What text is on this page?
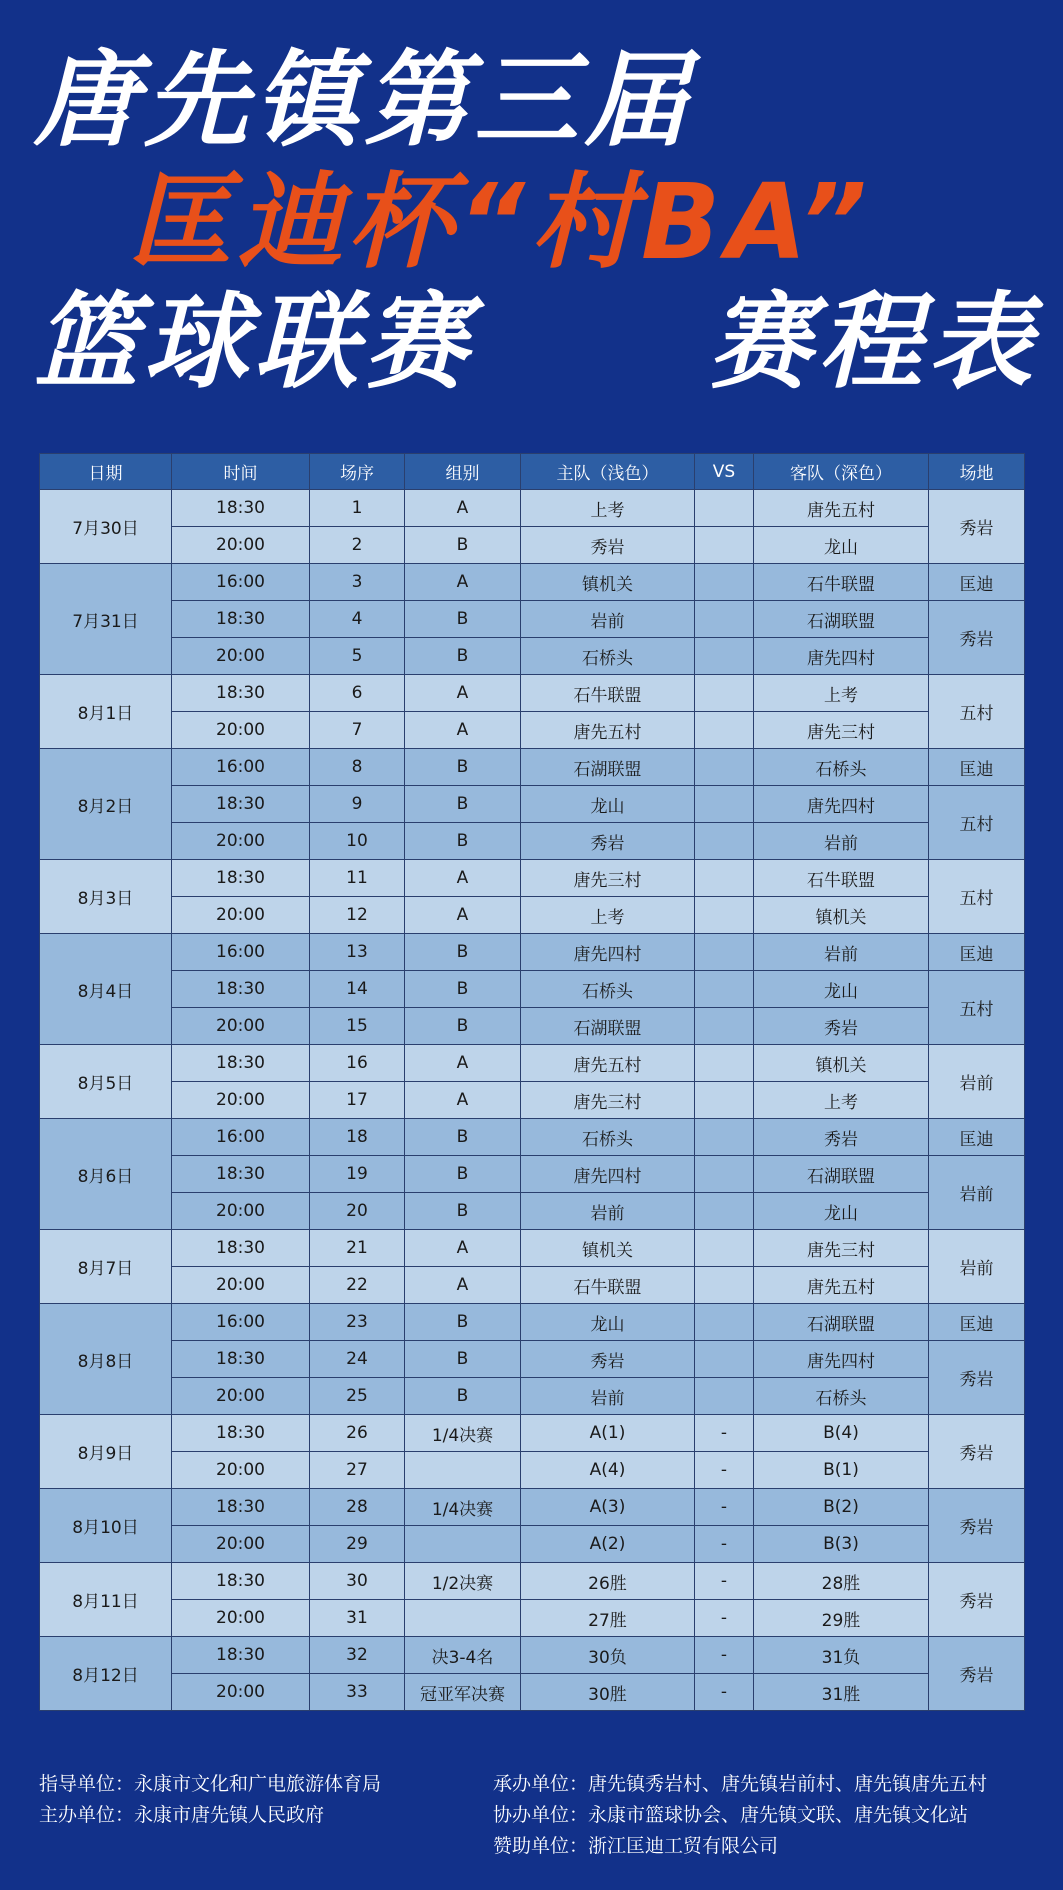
唐先镇第三届
匡迪杯“村BA”
篮球联赛 赛程表
日期	时间	场序	组别	主队（浅色）	VS	客队（深色）	场地
7月30日	18:30	1	A	上考		唐先五村	秀岩
	20:00	2	B	秀岩		龙山	
7月31日	16:00	3	A	镇机关		石牛联盟	匡迪
	18:30	4	B	岩前		石湖联盟	秀岩
	20:00	5	B	石桥头		唐先四村	
8月1日	18:30	6	A	石牛联盟		上考	五村
	20:00	7	A	唐先五村		唐先三村	
8月2日	16:00	8	B	石湖联盟		石桥头	匡迪
	18:30	9	B	龙山		唐先四村	五村
	20:00	10	B	秀岩		岩前	
8月3日	18:30	11	A	唐先三村		石牛联盟	五村
	20:00	12	A	上考		镇机关	
8月4日	16:00	13	B	唐先四村		岩前	匡迪
	18:30	14	B	石桥头		龙山	五村
	20:00	15	B	石湖联盟		秀岩	
8月5日	18:30	16	A	唐先五村		镇机关	岩前
	20:00	17	A	唐先三村		上考	
8月6日	16:00	18	B	石桥头		秀岩	匡迪
	18:30	19	B	唐先四村		石湖联盟	岩前
	20:00	20	B	岩前		龙山	
8月7日	18:30	21	A	镇机关		唐先三村	岩前
	20:00	22	A	石牛联盟		唐先五村	
8月8日	16:00	23	B	龙山		石湖联盟	匡迪
	18:30	24	B	秀岩		唐先四村	秀岩
	20:00	25	B	岩前		石桥头	
8月9日	18:30	26	1/4决赛	A(1)	-	B(4)	秀岩
	20:00	27		A(4)	-	B(1)	
8月10日	18:30	28	1/4决赛	A(3)	-	B(2)	秀岩
	20:00	29		A(2)	-	B(3)	
8月11日	18:30	30	1/2决赛	26胜	-	28胜	秀岩
	20:00	31		27胜	-	29胜	
8月12日	18:30	32	决3-4名	30负	-	31负	秀岩
	20:00	33	冠亚军决赛	30胜	-	31胜	
指导单位：永康市文化和广电旅游体育局
主办单位：永康市唐先镇人民政府
承办单位：唐先镇秀岩村、唐先镇岩前村、唐先镇唐先五村
协办单位：永康市篮球协会、唐先镇文联、唐先镇文化站
赞助单位：浙江匡迪工贸有限公司
